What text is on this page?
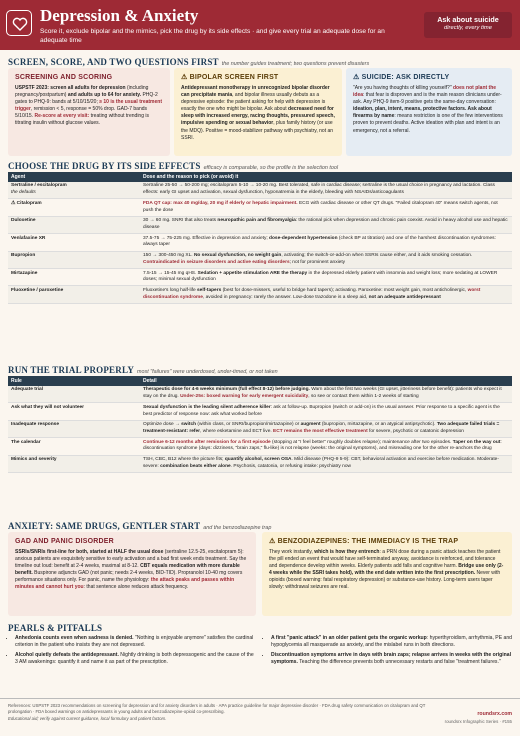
Depression & Anxiety
Score it, exclude bipolar and the mimics, pick the drug by its side effects · and give every trial an adequate dose for an adequate time
Ask about suicide
directly, every time
SCREEN, SCORE, AND TWO QUESTIONS FIRST the number guides treatment; two questions prevent disasters
SCREENING AND SCORING

USPSTF 2023: screen all adults for depression (including pregnancy/postpartum) and adults up to 64 for anxiety. PHQ-2 gates to PHQ-9: bands at 5/10/15/20; ≥ 10 is the usual treatment trigger, remission < 5, response = 50% drop. GAD-7 bands 5/10/15. Re-score at every visit: treating without trending is titrating insulin without glucose values.

⚠ BIPOLAR SCREEN FIRST

Antidepressant monotherapy in unrecognized bipolar disorder can precipitate mania, and bipolar illness usually debuts as a depressive episode: the patient asking for help with depression is exactly the one who might be bipolar. Ask about decreased need for sleep with increased energy, racing thoughts, pressured speech, impulsive spending or sexual behavior, plus family history (or use the MDQ). Positive = mood-stabilizer pathway with psychiatry, not an SSRI.

⚠ SUICIDE: ASK DIRECTLY

"Are you having thoughts of killing yourself?" does not plant the idea: that fear is disproven and is the main reason clinicians under-ask. Any PHQ-9 item-9 positive gets the same-day conversation: ideation, plan, intent, means, protective factors. Ask about firearms by name: means restriction is one of the few interventions proven to prevent deaths. Active ideation with plan and intent is an emergency, not a referral.

CHOOSE THE DRUG BY ITS SIDE EFFECTS efficacy is comparable, so the profile is the selection tool
Agent	Dose and the reason to pick (or avoid) it
Sertraline / escitalopram
the defaults	Sertraline 25-50 → 50-200 mg; escitalopram 5-10 → 10-20 mg. Best tolerated, safe in cardiac disease; sertraline is the usual choice in pregnancy and lactation. Class effects: early GI upset and activation, sexual dysfunction, hyponatremia in the elderly, bleeding with NSAIDs/anticoagulants
⚠ Citalopram	FDA QT cap: max 40 mg/day, 20 mg if elderly or hepatic impairment. ECG with cardiac disease or other QT drugs. "Failed citalopram 40" means switch agents, not push the dose
Duloxetine	30 → 60 mg. SNRI that also treats neuropathic pain and fibromyalgia: the rational pick when depression and chronic pain coexist. Avoid in heavy alcohol use and hepatic disease
Venlafaxine XR	37.5-75 → 75-225 mg. Effective in depression and anxiety; dose-dependent hypertension (check BP at titration) and one of the harshest discontinuation syndromes: always taper
Bupropion	150 → 300-450 mg XL. No sexual dysfunction, no weight gain, activating; the switch-or-add-on when SSRIs cause either, and it aids smoking cessation. Contraindicated in seizure disorders and active eating disorders; not for prominent anxiety
Mirtazapine	7.5-15 → 15-45 mg qHS. Sedation + appetite stimulation ARE the therapy in the depressed elderly patient with insomnia and weight loss; more sedating at LOWER doses; minimal sexual dysfunction
Fluoxetine / paroxetine	Fluoxetine's long half-life self-tapers (best for dose-missers, useful to bridge hard tapers); activating. Paroxetine: most weight gain, most anticholinergic, worst discontinuation syndrome, avoided in pregnancy: rarely the answer. Low-dose trazodone is a sleep aid, not an adequate antidepressant
RUN THE TRIAL PROPERLY most "failures" were underdosed, under-timed, or not taken
Rule	Detail
Adequate trial	Therapeutic dose for 4-6 weeks minimum (full effect 8-12) before judging. Warn about the first two weeks (GI upset, jitteriness before benefit): patients who expect it stay on the drug. Under-25s: boxed warning for early emergent suicidality, so see or contact them within 1-2 weeks of starting
Ask what they will not volunteer	Sexual dysfunction is the leading silent adherence killer: ask at follow-up. Bupropion (switch or add-on) is the usual answer. Prior response to a specific agent is the best predictor of response now: ask what worked before
Inadequate response	Optimize dose → switch (within class, or SNRI/bupropion/mirtazapine) or augment (bupropion, mirtazapine, or an atypical antipsychotic). Two adequate failed trials = treatment-resistant: refer, where esketamine and ECT live. ECT remains the most effective treatment for severe, psychotic or catatonic depression
The calendar	Continue 6-12 months after remission for a first episode (stopping at "I feel better" roughly doubles relapse); maintenance after two episodes. Taper on the way out: discontinuation syndrome (days: dizziness, "brain zaps," flu-like) is not relapse (weeks: the original symptoms), and misreading one for the other re-anchors the drug
Mimics and severity	TSH, CBC, B12 where the picture fits; quantify alcohol, screen OSA. Mild disease (PHQ-9 5-9): CBT, behavioral activation and exercise before medication. Moderate-severe: combination beats either alone. Psychosis, catatonia, or refusing intake: psychiatry now
ANXIETY: SAME DRUGS, GENTLER START and the benzodiazepine trap
GAD AND PANIC DISORDER

SSRIs/SNRIs first-line for both, started at HALF the usual dose (sertraline 12.5-25, escitalopram 5): anxious patients are exquisitely sensitive to early activation and a bad first week ends treatment. Say the timeline out loud: benefit at 2-4 weeks, maximal at 8-12. CBT equals medication with more durable benefit. Buspirone adjuncts GAD (not panic; needs 2-4 weeks, BID-TID). Propranolol 10-40 mg covers performance situations only. For panic, name the physiology: the attack peaks and passes within minutes and cannot hurt you: that sentence alone reduces attack frequency.

⚠ BENZODIAZEPINES: THE IMMEDIACY IS THE TRAP

They work instantly, which is how they entrench: a PRN dose during a panic attack teaches the patient the pill ended an event that would have self-terminated anyway, avoidance is reinforced, and tolerance and dependence develop within weeks. Elderly patients add falls and cognitive harm. Bridge use only (2-4 weeks while the SSRI takes hold), with the end date written into the first prescription. Never with opioids (boxed warning: fatal respiratory depression) or substance-use history. Long-term users taper slowly: withdrawal seizures are real.

PEARLS & PITFALLS
• Anhedonia counts even when sadness is denied. "Nothing is enjoyable anymore" satisfies the cardinal criterion in the patient who insists they are not depressed.
• Alcohol quietly defeats the antidepressant. Nightly drinking is both depressogenic and the cause of the 3 AM awakenings: quantify it and name it as part of the prescription.
• A first "panic attack" in an older patient gets the organic workup: hyperthyroidism, arrhythmia, PE and hypoglycemia all masquerade as anxiety, and the mislabel runs in both directions.
• Discontinuation symptoms arrive in days with brain zaps; relapse arrives in weeks with the original symptoms. Teaching the difference prevents both unnecessary restarts and false "treatment failures."
References: USPSTF 2023 recommendations on screening for depression and for anxiety disorders in adults · APA practice guideline for major depressive disorder · FDA drug safety communication on citalopram and QT prolongation · FDA boxed warnings on antidepressants in young adults and benzodiazepine-opioid co-prescribing.
Educational aid; verify against current guidance, local formulary and patient factors.
roundsrx.com
roundsrx Infographic Series · #155
